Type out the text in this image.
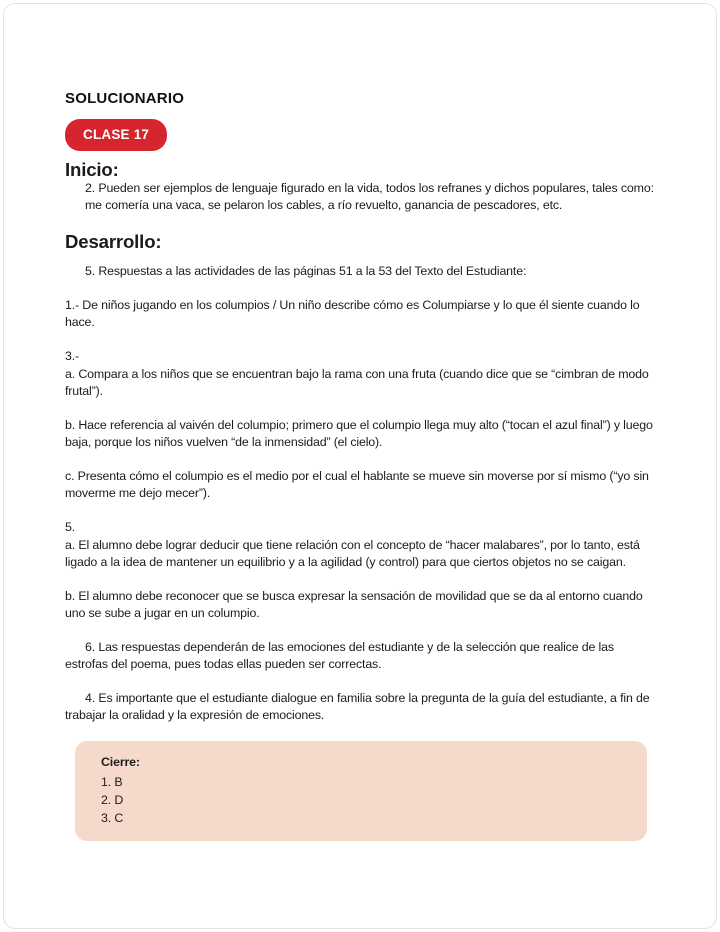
SOLUCIONARIO
CLASE 17
Inicio:

2. Pueden ser ejemplos de lenguaje figurado en la vida, todos los refranes y dichos populares, tales como: me comería una vaca, se pelaron los cables, a río revuelto, ganancia de pescadores, etc.

Desarrollo:

5. Respuestas a las actividades de las páginas 51 a la 53 del Texto del Estudiante:

1.- De niños jugando en los columpios / Un niño describe cómo es Columpiarse y lo que él siente cuando lo hace.

3.-

a. Compara a los niños que se encuentran bajo la rama con una fruta (cuando dice que se “cimbran de modo frutal”).

b. Hace referencia al vaivén del columpio; primero que el columpio llega muy alto (“tocan el azul final”) y luego baja, porque los niños vuelven “de la inmensidad” (el cielo).

c. Presenta cómo el columpio es el medio por el cual el hablante se mueve sin moverse por sí mismo (“yo sin moverme me dejo mecer”).

5.

a. El alumno debe lograr deducir que tiene relación con el concepto de “hacer malabares”, por lo tanto, está ligado a la idea de mantener un equilibrio y a la agilidad (y control) para que ciertos objetos no se caigan.

b. El alumno debe reconocer que se busca expresar la sensación de movilidad que se da al entorno cuando uno se sube a jugar en un columpio.

6. Las respuestas dependerán de las emociones del estudiante y de la selección que realice de las estrofas del poema, pues todas ellas pueden ser correctas.

4. Es importante que el estudiante dialogue en familia sobre la pregunta de la guía del estudiante, a fin de trabajar la oralidad y la expresión de emociones.

Cierre:
1. B
2. D
3. C
